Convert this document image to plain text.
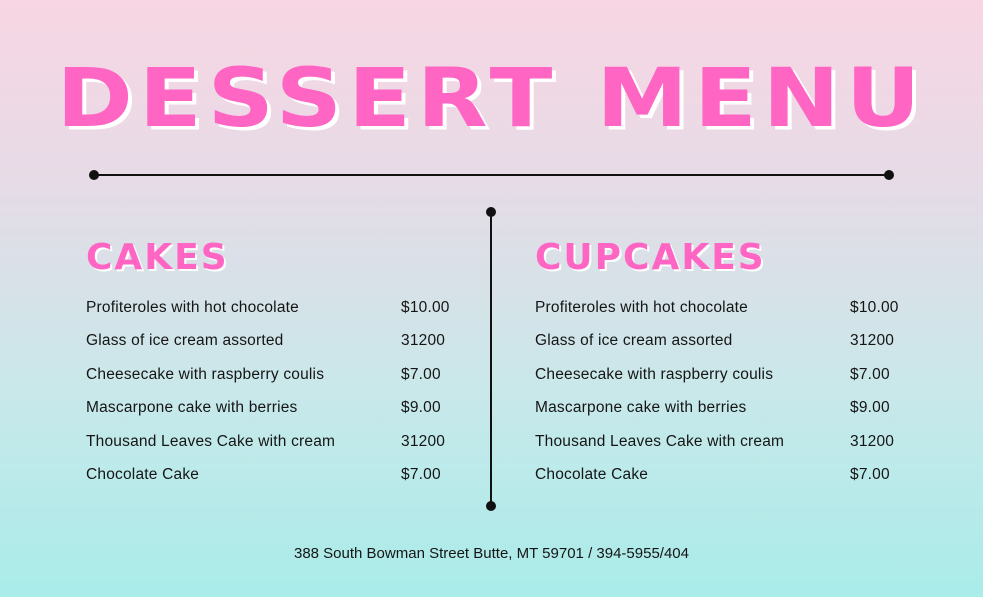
DESSERT MENU
CAKES
Profiteroles with hot chocolate	$10.00
Glass of ice cream assorted	31200
Cheesecake with raspberry coulis	$7.00
Mascarpone cake with berries	$9.00
Thousand Leaves Cake with cream	31200
Chocolate Cake	$7.00
CUPCAKES
Profiteroles with hot chocolate	$10.00
Glass of ice cream assorted	31200
Cheesecake with raspberry coulis	$7.00
Mascarpone cake with berries	$9.00
Thousand Leaves Cake with cream	31200
Chocolate Cake	$7.00
388 South Bowman Street Butte, MT 59701 / 394-5955/404
